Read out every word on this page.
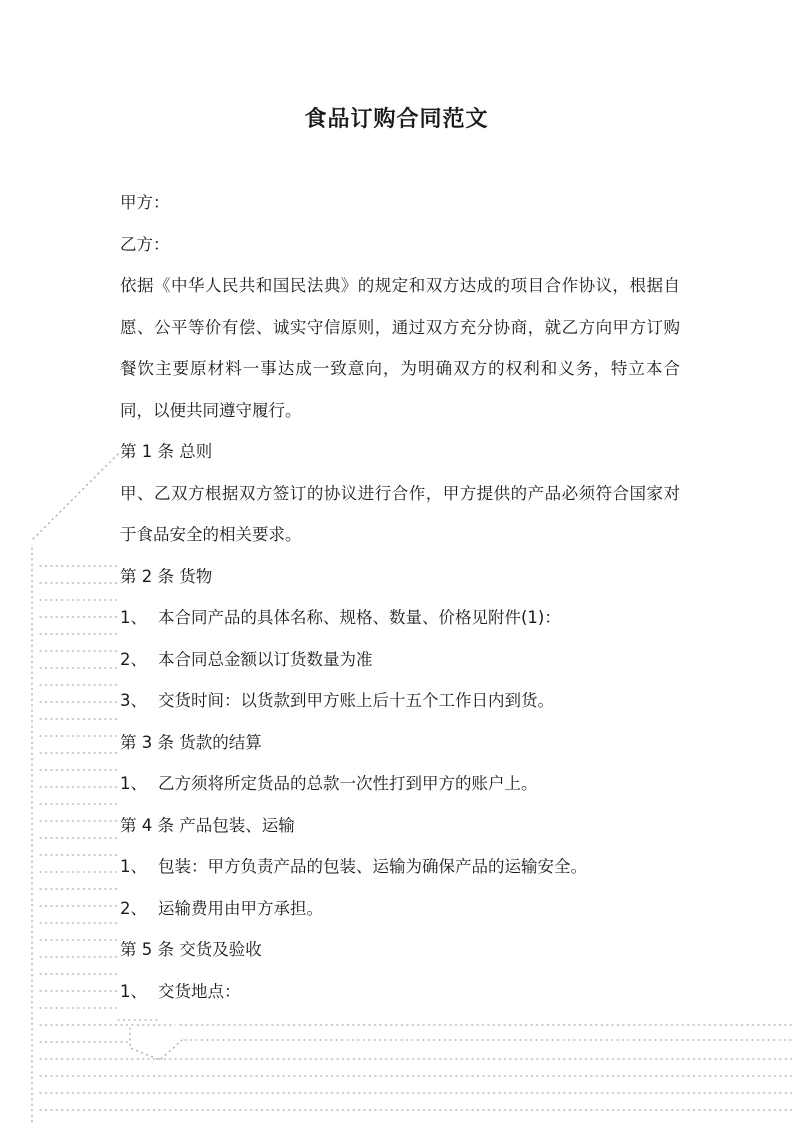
食品订购合同范文

甲方：

乙方：

依据《中华人民共和国民法典》的规定和双方达成的项目合作协议，根据自愿、公平等价有偿、诚实守信原则，通过双方充分协商，就乙方向甲方订购餐饮主要原材料一事达成一致意向，为明确双方的权利和义务，特立本合同，以便共同遵守履行。

第 1 条 总则

甲、乙双方根据双方签订的协议进行合作，甲方提供的产品必须符合国家对于食品安全的相关要求。

第 2 条 货物

1、 本合同产品的具体名称、规格、数量、价格见附件(1)：

2、 本合同总金额以订货数量为准

3、 交货时间：以货款到甲方账上后十五个工作日内到货。

第 3 条 货款的结算

1、 乙方须将所定货品的总款一次性打到甲方的账户上。

第 4 条 产品包装、运输

1、 包装：甲方负责产品的包装、运输为确保产品的运输安全。

2、 运输费用由甲方承担。

第 5 条 交货及验收

1、 交货地点：
